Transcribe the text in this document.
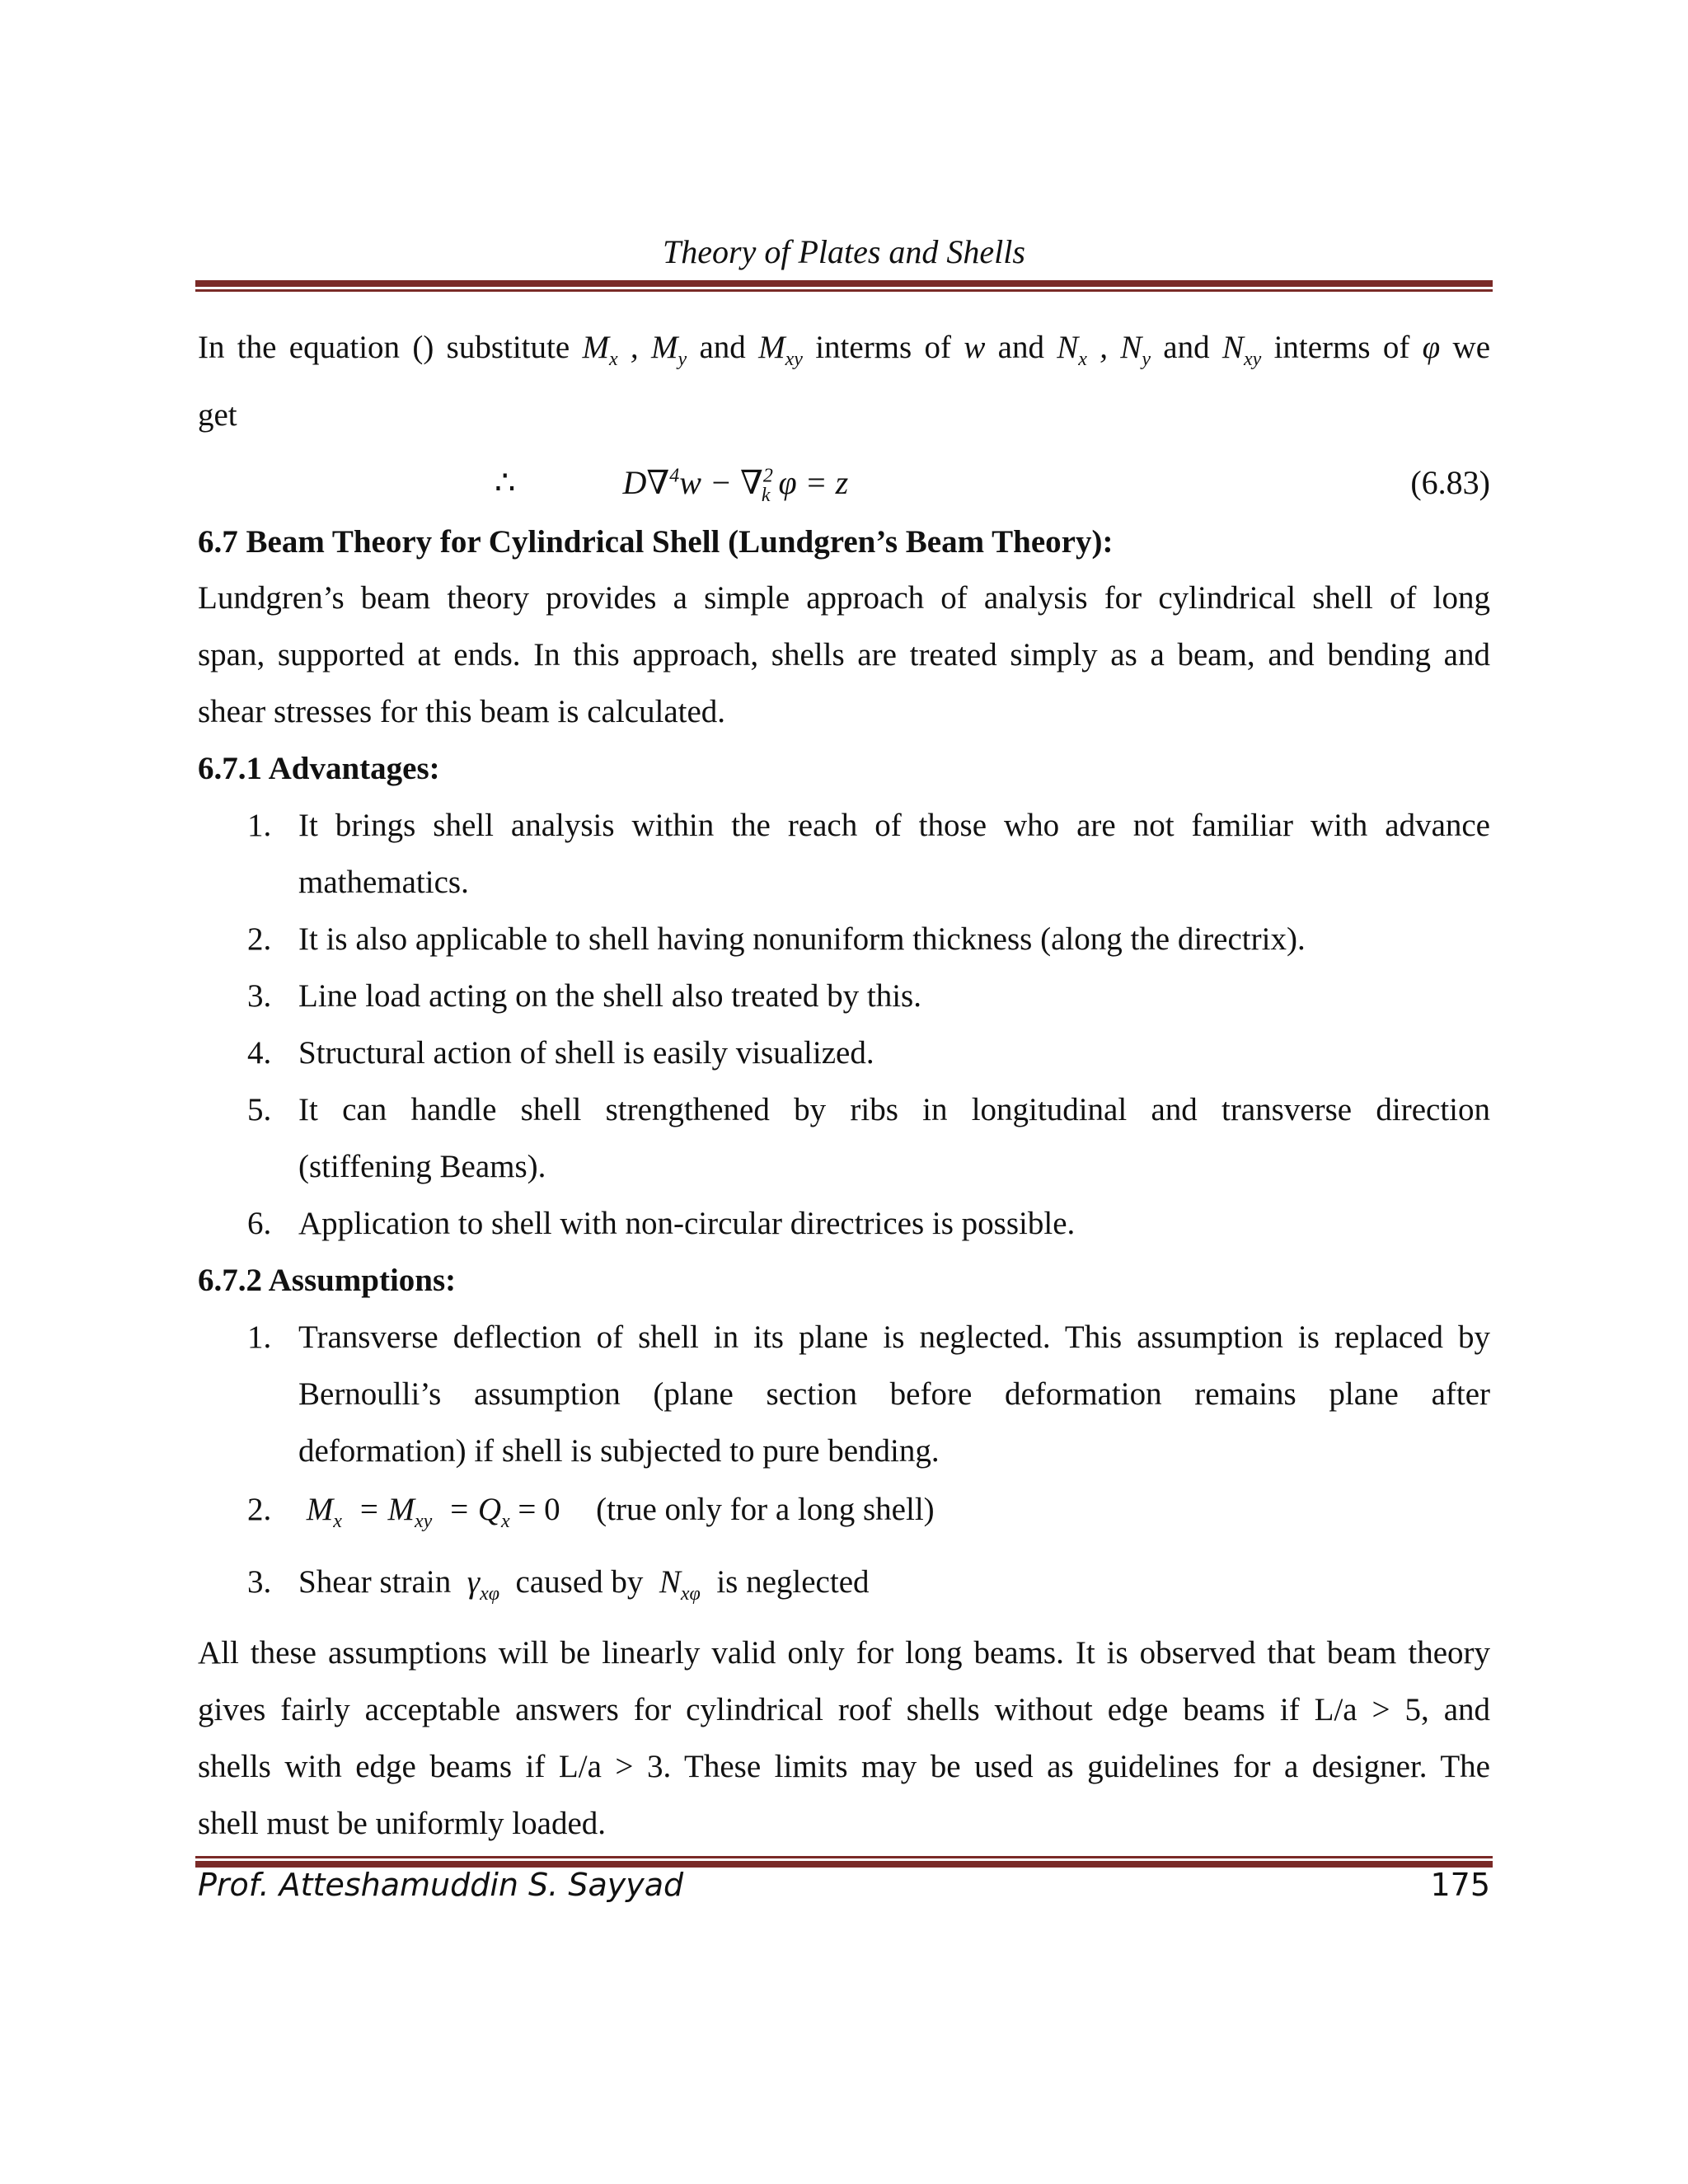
Theory of Plates and Shells
In the equation () substitute $M_x$ , $M_y$ and $M_{xy}$ interms of w and $N_x$ , $N_y$ and $N_{xy}$ interms of φ we
get
∴	D∇$^4$w − ∇$^2_k$ φ = z	(6.83)
6.7 Beam Theory for Cylindrical Shell (Lundgren’s Beam Theory):
Lundgren’s beam theory provides a simple approach of analysis for cylindrical shell of long
span, supported at ends. In this approach, shells are treated simply as a beam, and bending and
shear stresses for this beam is calculated.
6.7.1 Advantages:
1. It brings shell analysis within the reach of those who are not familiar with advance
mathematics.
2. It is also applicable to shell having nonuniform thickness (along the directrix).
3. Line load acting on the shell also treated by this.
4. Structural action of shell is easily visualized.
5. It can handle shell strengthened by ribs in longitudinal and transverse direction
(stiffening Beams).
6. Application to shell with non-circular directrices is possible.
6.7.2 Assumptions:
1. Transverse deflection of shell in its plane is neglected. This assumption is replaced by
Bernoulli’s assumption (plane section before deformation remains plane after
deformation) if shell is subjected to pure bending.
2. $M_x = M_{xy} = Q_x = 0$ (true only for a long shell)
3. Shear strain  $\gamma_{x\varphi}$ caused by  $N_{x\varphi}$ is neglected
All these assumptions will be linearly valid only for long beams. It is observed that beam theory
gives fairly acceptable answers for cylindrical roof shells without edge beams if L/a > 5, and
shells with edge beams if L/a > 3. These limits may be used as guidelines for a designer. The
shell must be uniformly loaded.
Prof. Atteshamuddin S. Sayyad	175
